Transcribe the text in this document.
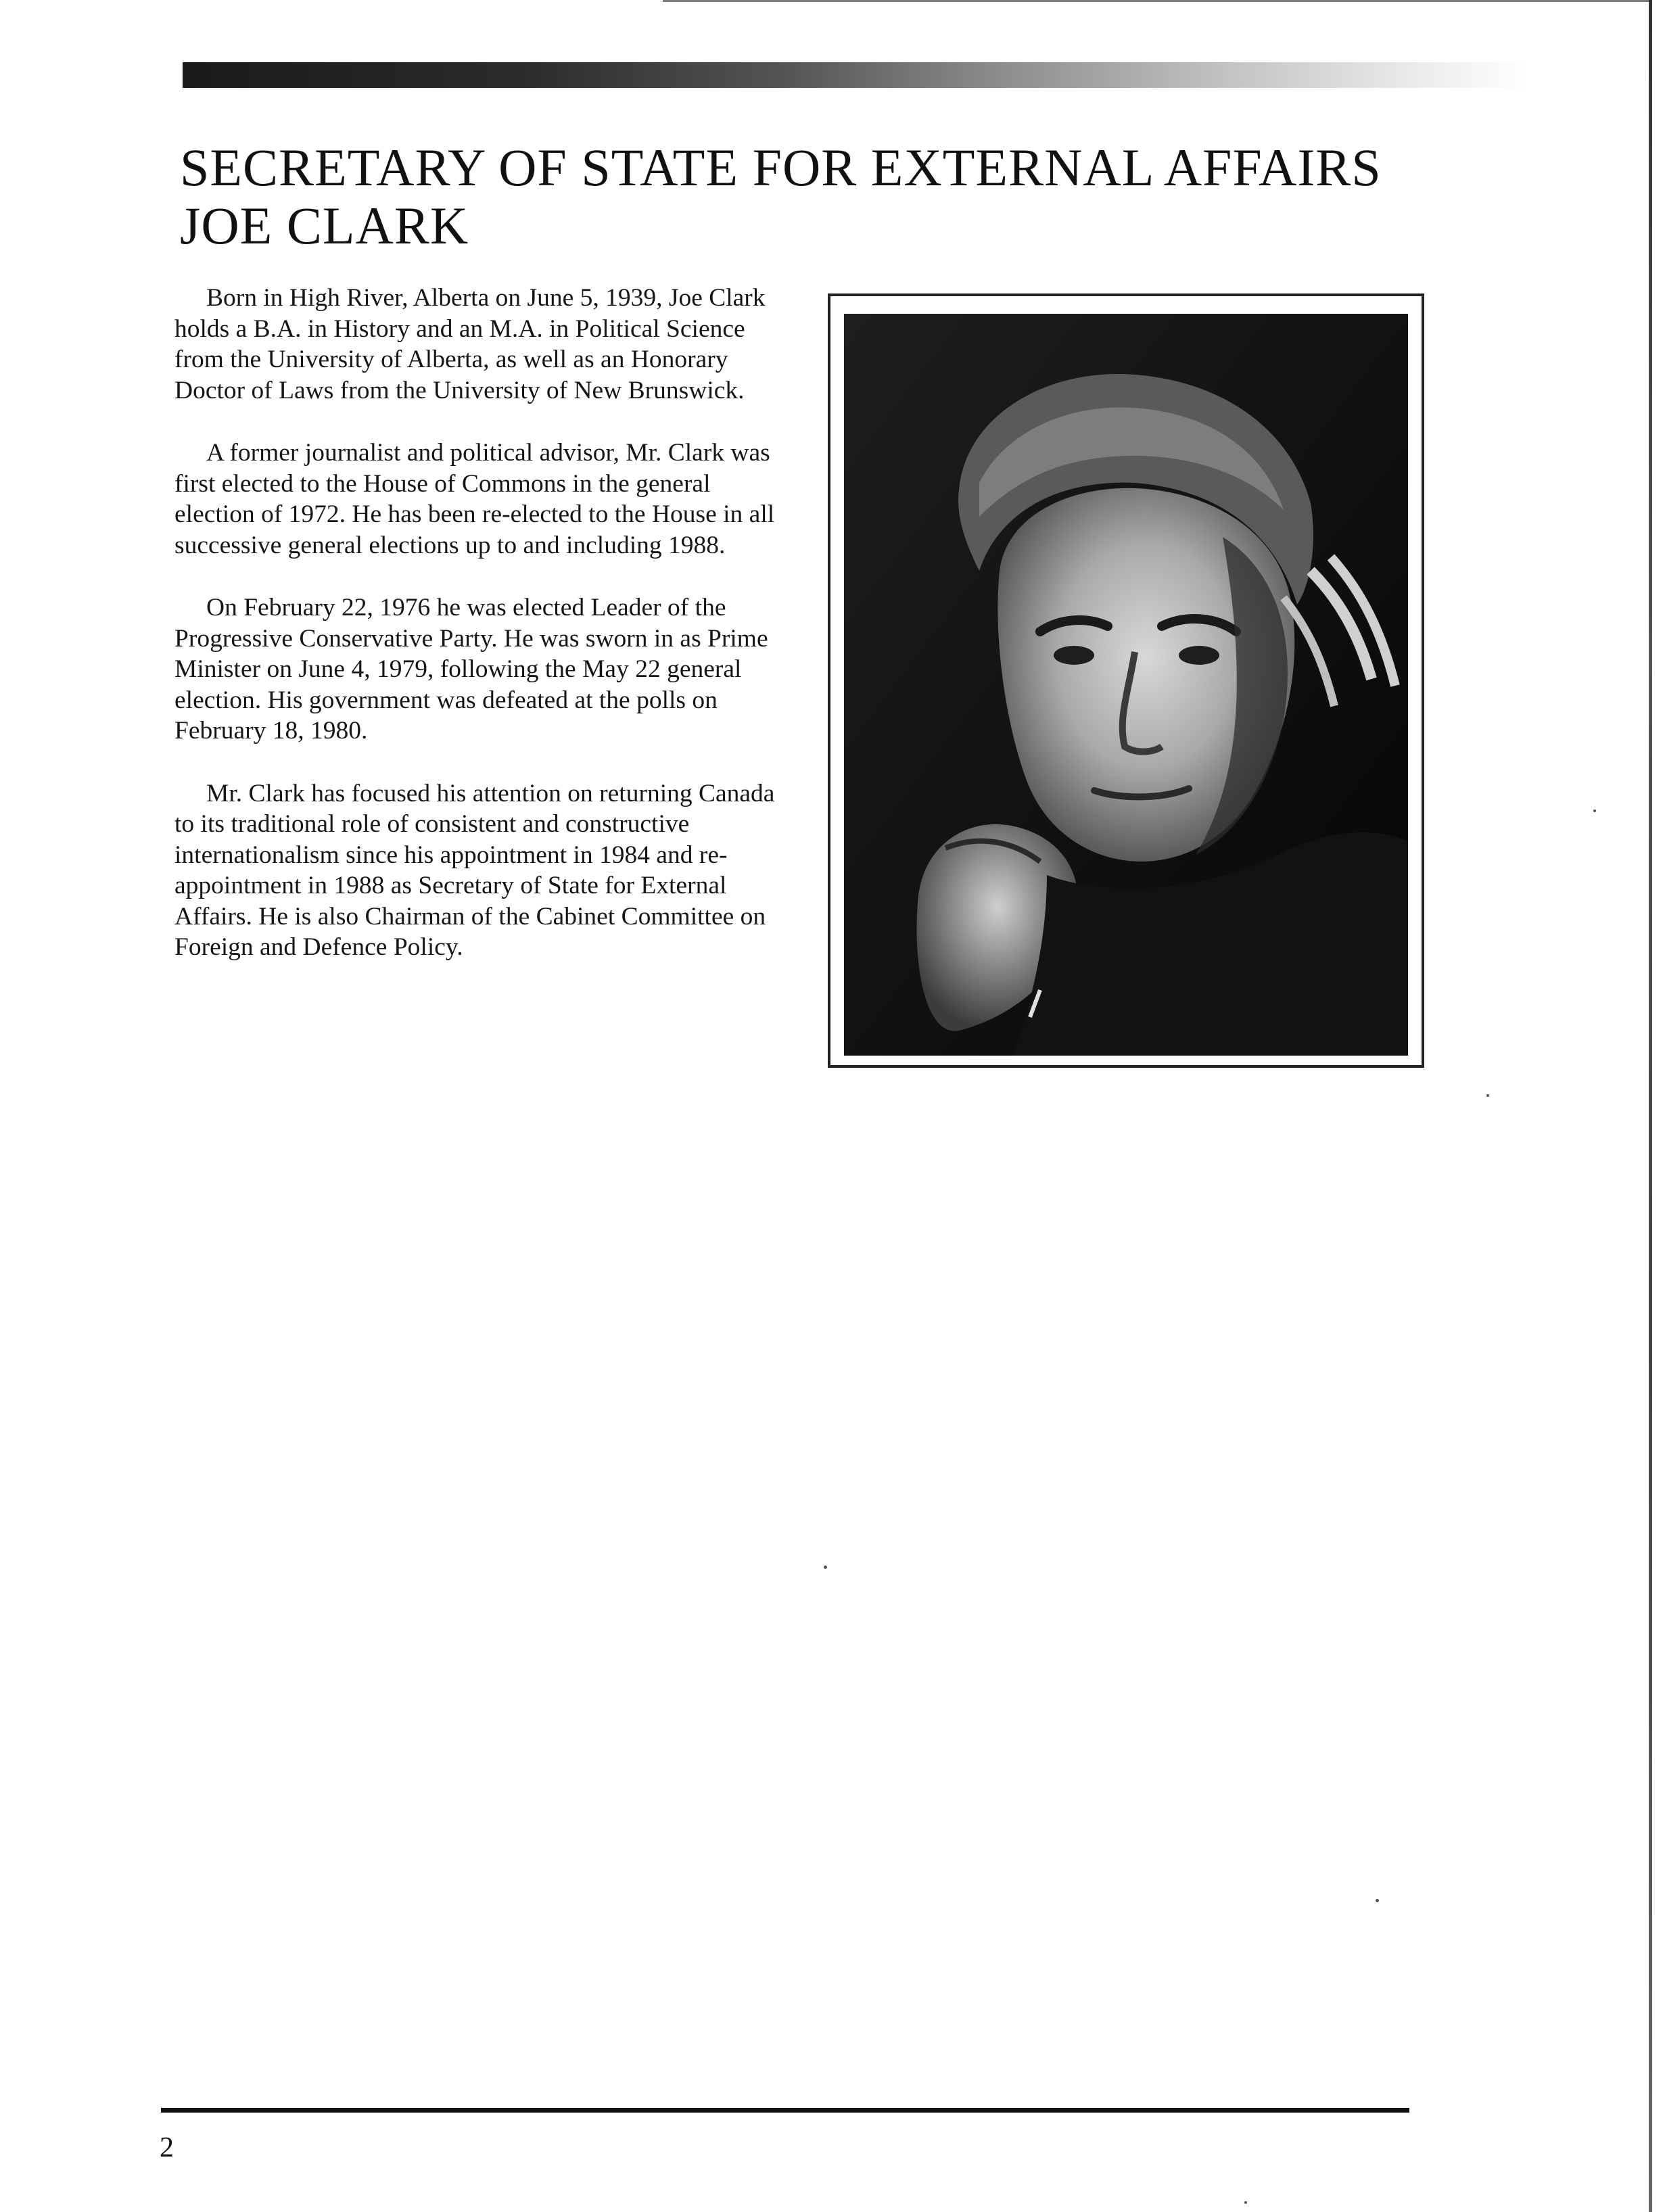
SECRETARY OF STATE FOR EXTERNAL AFFAIRS
JOE CLARK

Born in High River, Alberta on June 5, 1939, Joe Clark holds a B.A. in History and an M.A. in Political Science from the University of Alberta, as well as an Honorary Doctor of Laws from the University of New Brunswick.

A former journalist and political advisor, Mr. Clark was first elected to the House of Commons in the general election of 1972. He has been re-elected to the House in all successive general elections up to and including 1988.

On February 22, 1976 he was elected Leader of the Progressive Conservative Party. He was sworn in as Prime Minister on June 4, 1979, following the May 22 general election. His government was defeated at the polls on February 18, 1980.

Mr. Clark has focused his attention on returning Canada to its traditional role of consistent and constructive internationalism since his appointment in 1984 and re-appointment in 1988 as Secretary of State for External Affairs. He is also Chairman of the Cabinet Committee on Foreign and Defence Policy.

2
